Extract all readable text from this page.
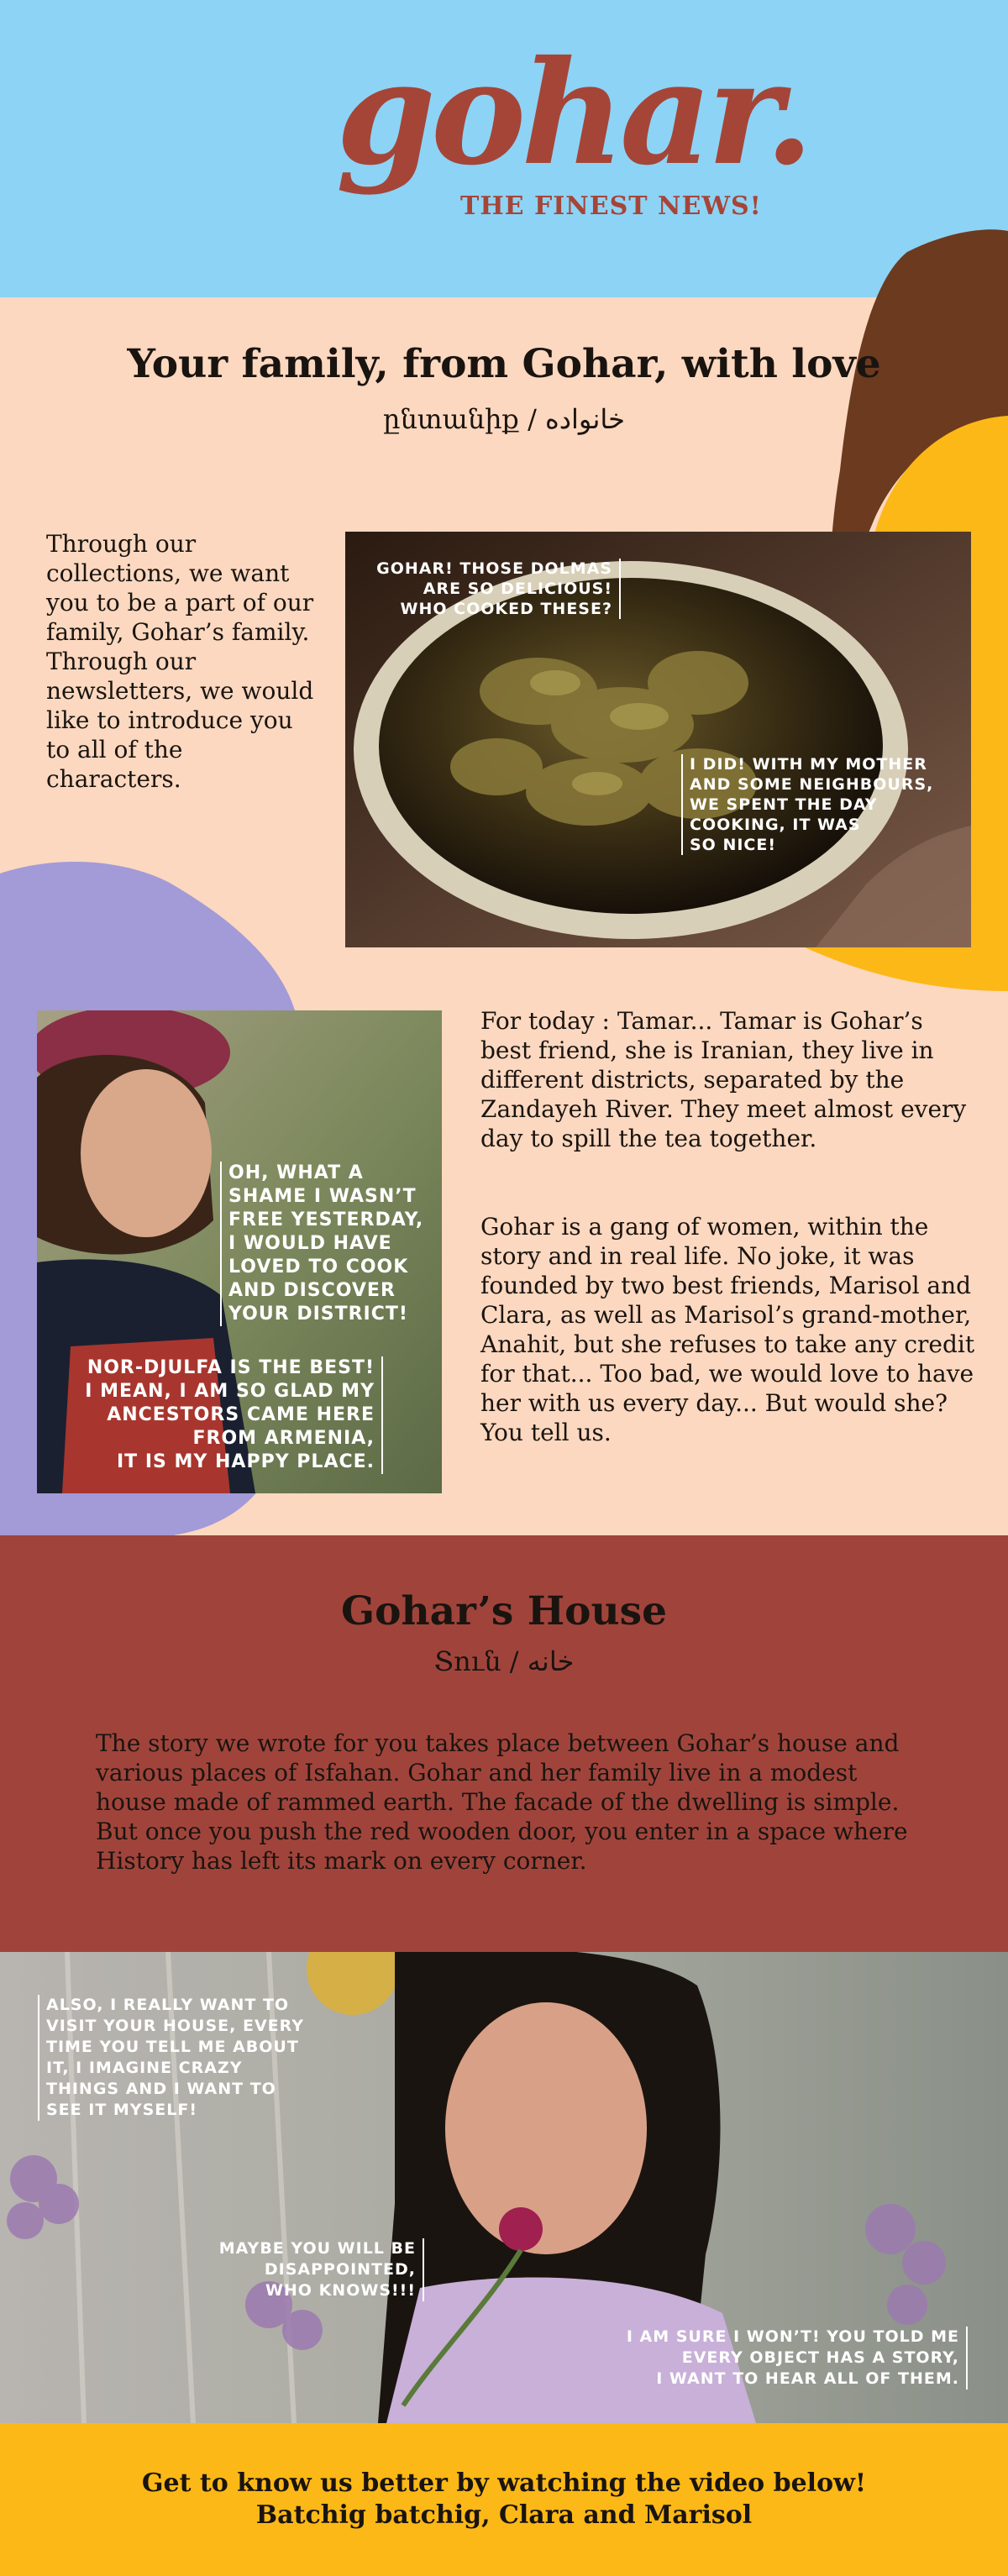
gohar.
THE FINEST NEWS!
Your family, from Gohar, with love
ընտանիք / خانواده
Through our collections, we want you to be a part of our family, Gohar’s family. Through our newsletters, we would like to introduce you to all of the characters.
GOHAR! THOSE DOLMAS
ARE SO DELICIOUS!
WHO COOKED THESE?
I DID! WITH MY MOTHER
AND SOME NEIGHBOURS,
WE SPENT THE DAY
COOKING, IT WAS
SO NICE!
OH, WHAT A
SHAME I WASN’T
FREE YESTERDAY,
I WOULD HAVE
LOVED TO COOK
AND DISCOVER
YOUR DISTRICT!
NOR-DJULFA IS THE BEST!
I MEAN, I AM SO GLAD MY
ANCESTORS CAME HERE
FROM ARMENIA,
IT IS MY HAPPY PLACE.
For today : Tamar... Tamar is Gohar’s best friend, she is Iranian, they live in different districts, separated by the Zandayeh River. They meet almost every day to spill the tea together.
Gohar is a gang of women, within the story and in real life. No joke, it was founded by two best friends, Marisol and Clara, as well as Marisol’s grand-mother, Anahit, but she refuses to take any credit for that... Too bad, we would love to have her with us every day... But would she? You tell us.
Gohar’s House
Տուն / خانه
The story we wrote for you takes place between Gohar’s house and various places of Isfahan. Gohar and her family live in a modest house made of rammed earth. The facade of the dwelling is simple. But once you push the red wooden door, you enter in a space where History has left its mark on every corner.
ALSO, I REALLY WANT TO
VISIT YOUR HOUSE, EVERY
TIME YOU TELL ME ABOUT
IT, I IMAGINE CRAZY
THINGS AND I WANT TO
SEE IT MYSELF!
MAYBE YOU WILL BE
DISAPPOINTED,
WHO KNOWS!!!
I AM SURE I WON’T! YOU TOLD ME
EVERY OBJECT HAS A STORY,
I WANT TO HEAR ALL OF THEM.
Get to know us better by watching the video below!
Batchig batchig, Clara and Marisol
